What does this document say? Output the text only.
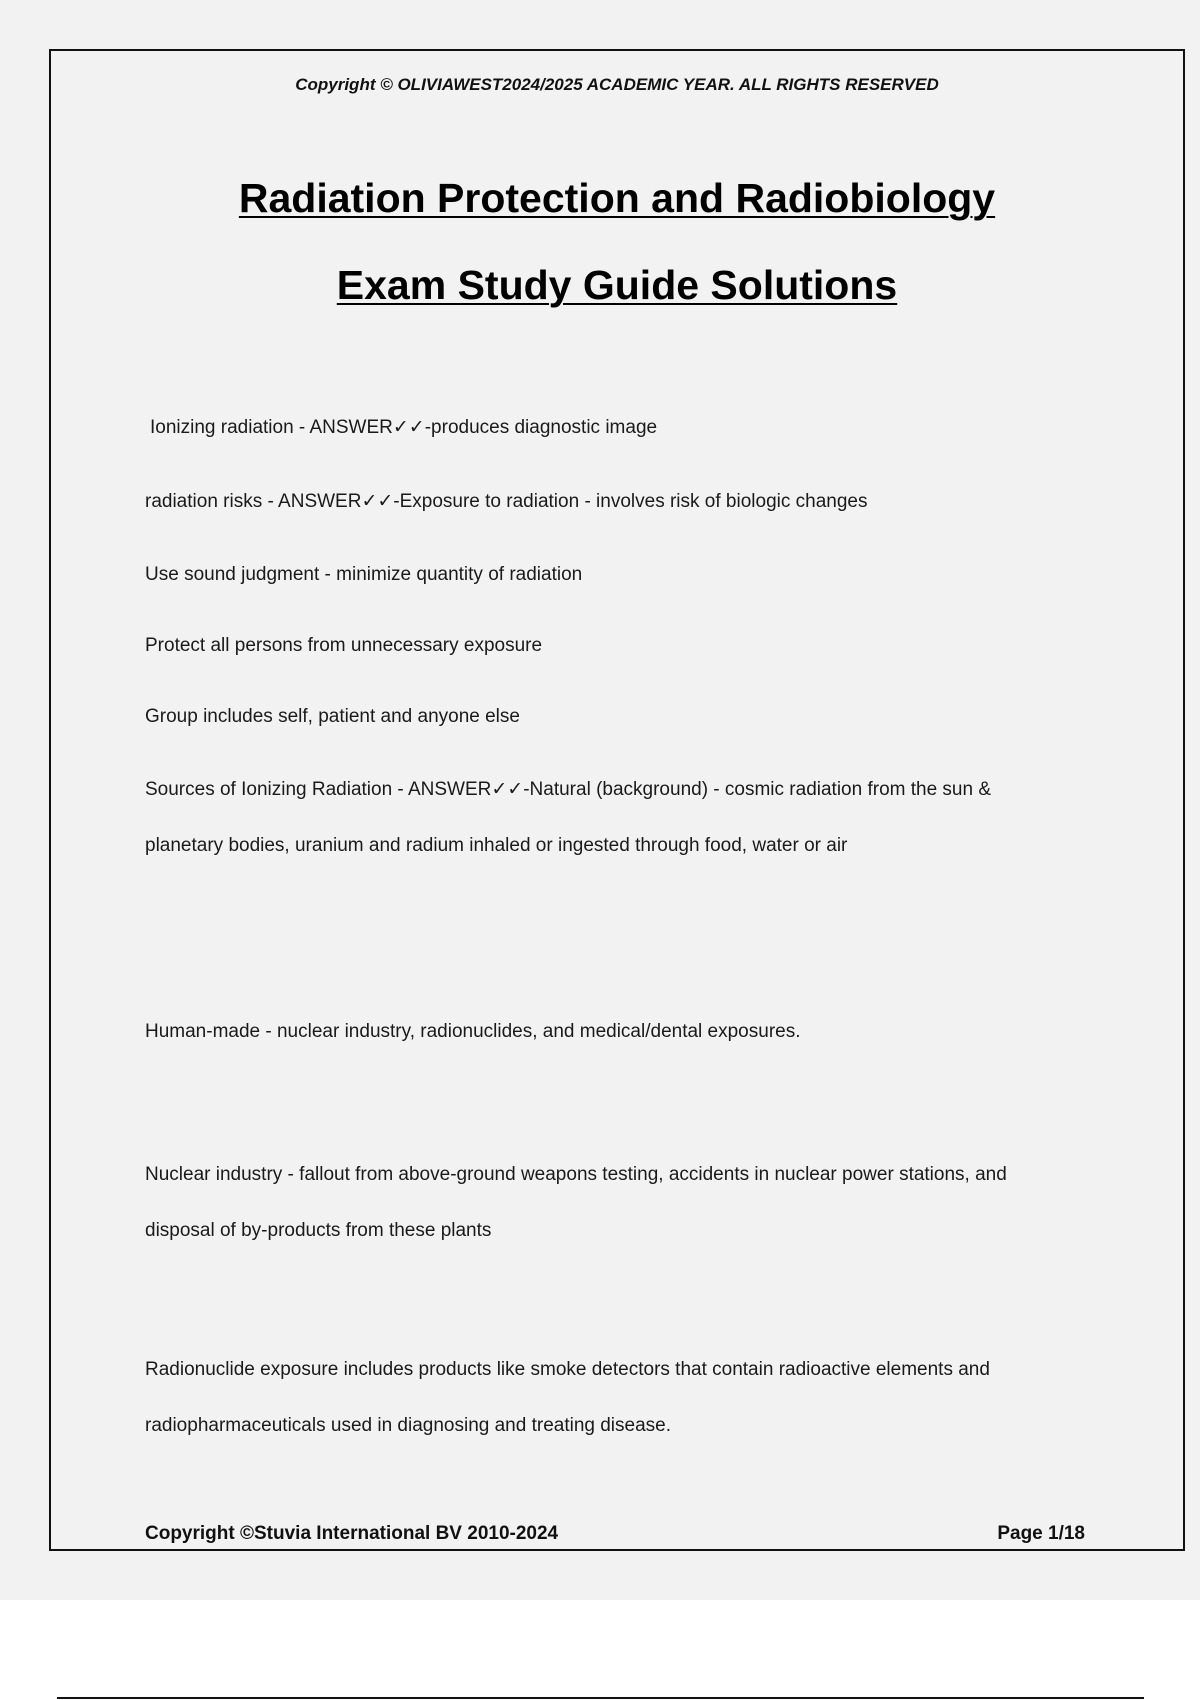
Copyright © OLIVIAWEST2024/2025 ACADEMIC YEAR. ALL RIGHTS RESERVED
Radiation Protection and Radiobiology
Exam Study Guide Solutions
Ionizing radiation - ANSWER✓✓-produces diagnostic image
radiation risks - ANSWER✓✓-Exposure to radiation - involves risk of biologic changes
Use sound judgment - minimize quantity of radiation
Protect all persons from unnecessary exposure
Group includes self, patient and anyone else
Sources of Ionizing Radiation - ANSWER✓✓-Natural (background) - cosmic radiation from the sun &
planetary bodies, uranium and radium inhaled or ingested through food, water or air
Human-made - nuclear industry, radionuclides, and medical/dental exposures.
Nuclear industry - fallout from above-ground weapons testing, accidents in nuclear power stations, and
disposal of by-products from these plants
Radionuclide exposure includes products like smoke detectors that contain radioactive elements and
radiopharmaceuticals used in diagnosing and treating disease.
Copyright ©Stuvia International BV 2010-2024	Page 1/18
